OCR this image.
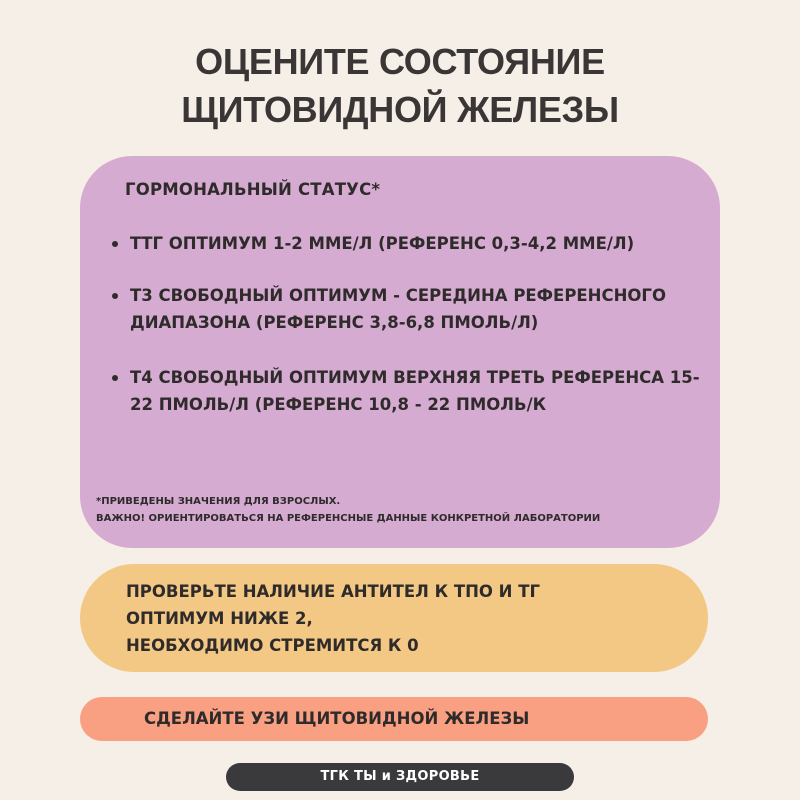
ОЦЕНИТЕ СОСТОЯНИЕ
ЩИТОВИДНОЙ ЖЕЛЕЗЫ
ГОРМОНАЛЬНЫЙ СТАТУС*
ТТГ ОПТИМУМ 1-2 ММЕ/Л (РЕФЕРЕНС 0,3-4,2 ММЕ/Л)
Т3 СВОБОДНЫЙ ОПТИМУМ - СЕРЕДИНА РЕФЕРЕНСНОГО ДИАПАЗОНА (РЕФЕРЕНС 3,8-6,8 ПМОЛЬ/Л)
Т4 СВОБОДНЫЙ ОПТИМУМ ВЕРХНЯЯ ТРЕТЬ РЕФЕРЕНСА 15-22 ПМОЛЬ/Л (РЕФЕРЕНС 10,8 - 22 ПМОЛЬ/К
*ПРИВЕДЕНЫ ЗНАЧЕНИЯ ДЛЯ ВЗРОСЛЫХ.
ВАЖНО! ОРИЕНТИРОВАТЬСЯ НА РЕФЕРЕНСНЫЕ ДАННЫЕ КОНКРЕТНОЙ ЛАБОРАТОРИИ
ПРОВЕРЬТЕ НАЛИЧИЕ АНТИТЕЛ К ТПО И ТГ
ОПТИМУМ НИЖЕ 2,
НЕОБХОДИМО СТРЕМИТСЯ К 0
СДЕЛАЙТЕ УЗИ ЩИТОВИДНОЙ ЖЕЛЕЗЫ
ТГК ТЫ и ЗДОРОВЬЕ
